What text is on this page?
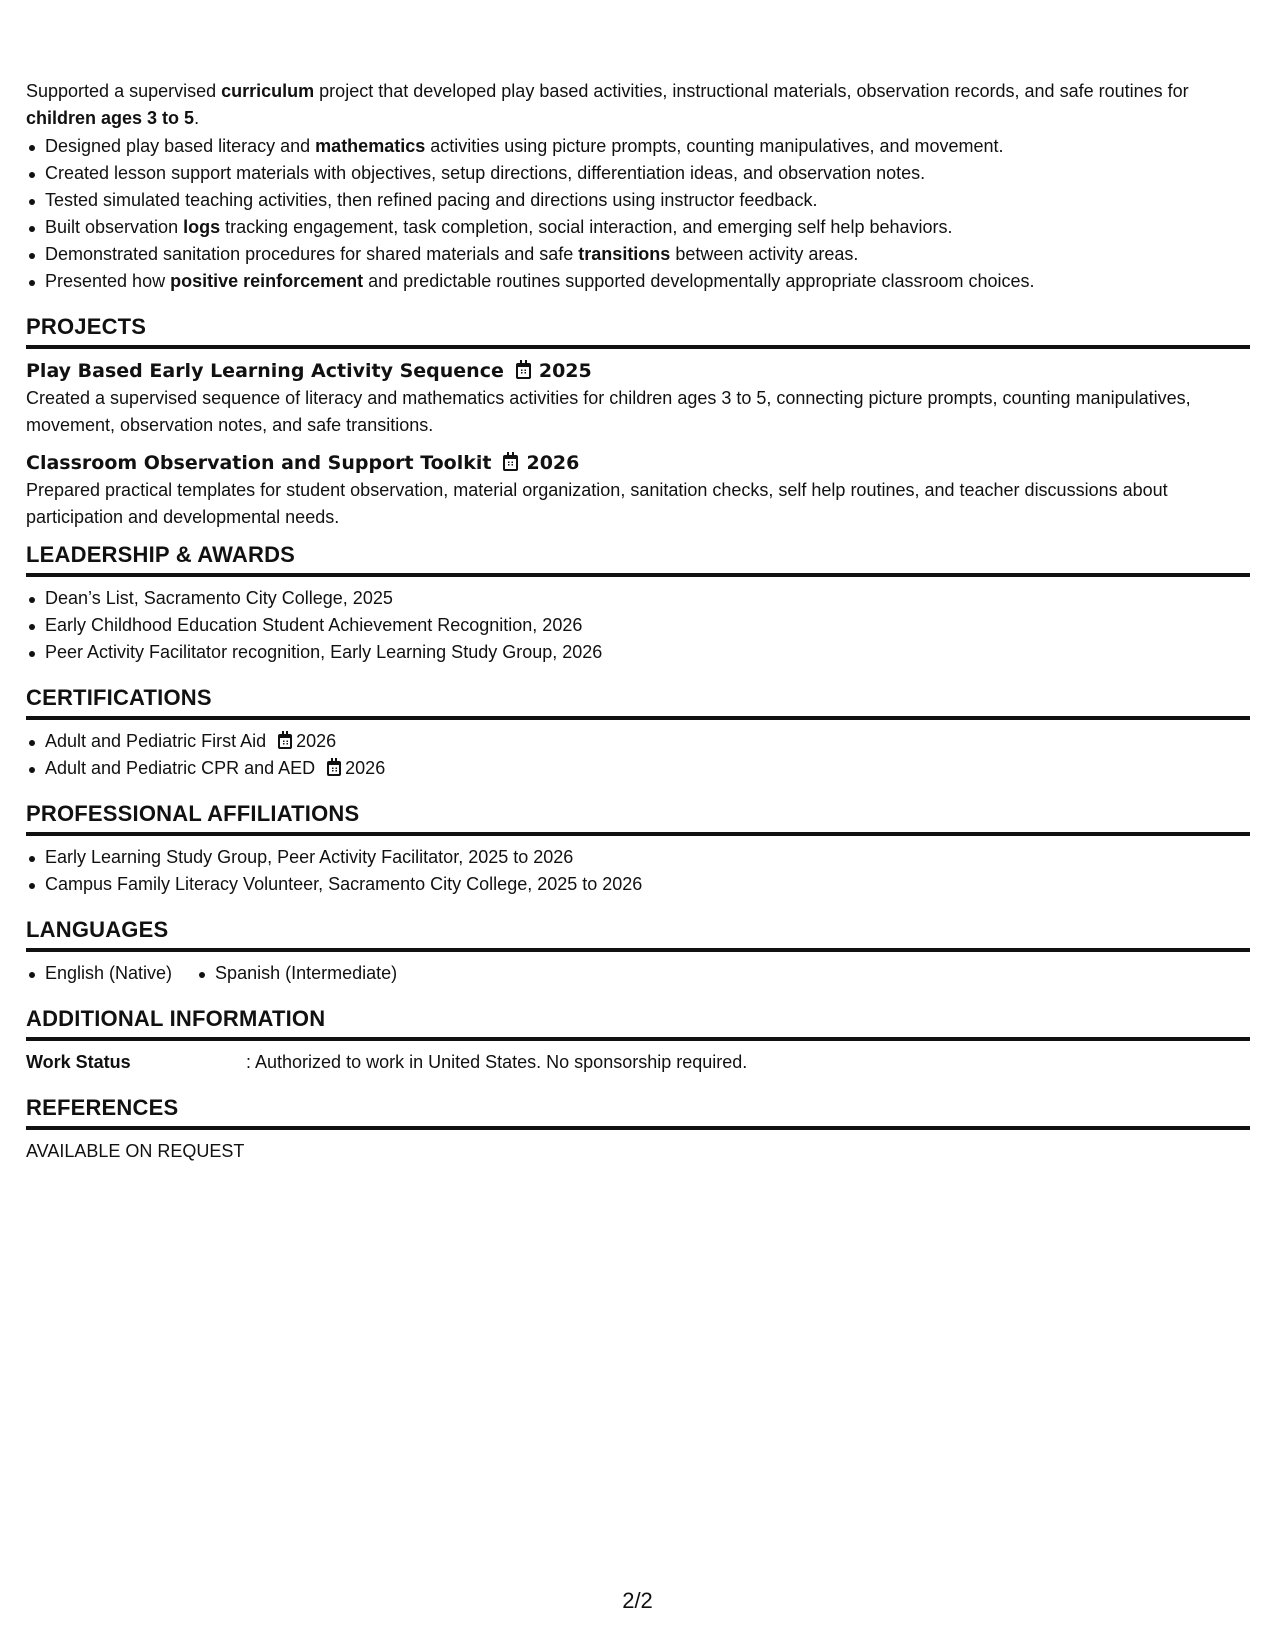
Supported a supervised curriculum project that developed play based activities, instructional materials, observation records, and safe routines for children ages 3 to 5.

Designed play based literacy and mathematics activities using picture prompts, counting manipulatives, and movement.
Created lesson support materials with objectives, setup directions, differentiation ideas, and observation notes.
Tested simulated teaching activities, then refined pacing and directions using instructor feedback.
Built observation logs tracking engagement, task completion, social interaction, and emerging self help behaviors.
Demonstrated sanitation procedures for shared materials and safe transitions between activity areas.
Presented how positive reinforcement and predictable routines supported developmentally appropriate classroom choices.
PROJECTS
Play Based Early Learning Activity Sequence 2025

Created a supervised sequence of literacy and mathematics activities for children ages 3 to 5, connecting picture prompts, counting manipulatives, movement, observation notes, and safe transitions.

Classroom Observation and Support Toolkit 2026

Prepared practical templates for student observation, material organization, sanitation checks, self help routines, and teacher discussions about participation and developmental needs.

LEADERSHIP & AWARDS
Dean’s List, Sacramento City College, 2025
Early Childhood Education Student Achievement Recognition, 2026
Peer Activity Facilitator recognition, Early Learning Study Group, 2026
CERTIFICATIONS
Adult and Pediatric First Aid 2026
Adult and Pediatric CPR and AED 2026
PROFESSIONAL AFFILIATIONS
Early Learning Study Group, Peer Activity Facilitator, 2025 to 2026
Campus Family Literacy Volunteer, Sacramento City College, 2025 to 2026
LANGUAGES
English (Native)	Spanish (Intermediate)
ADDITIONAL INFORMATION
Work Status	: Authorized to work in United States. No sponsorship required.
REFERENCES

AVAILABLE ON REQUEST

2/2
